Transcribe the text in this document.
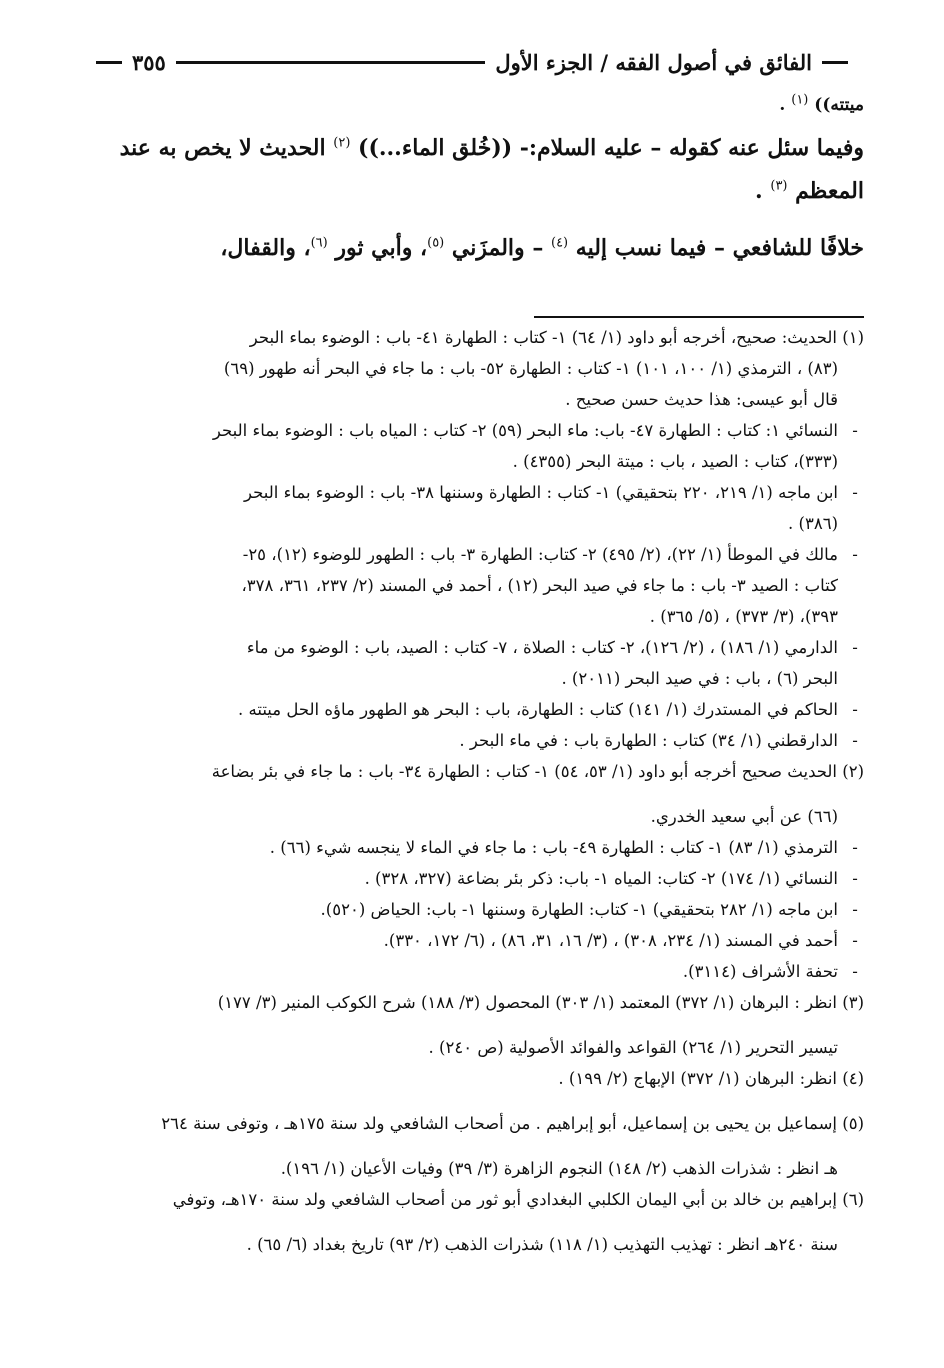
الفائق في أصول الفقه / الجزء الأول
٣٥٥

ميتته)) $^{(١)}$ .

وفيما سئل عنه كقوله – عليه السلام:- ((خُلق الماء...)) $^{(٢)}$ الحديث لا يخص به عند

المعظم $^{(٣)}$ .

خلافًا للشافعي – فيما نسب إليه $^{(٤)}$ – والمزَني $^{(٥)}$، وأبي ثور $^{(٦)}$، والقفال،

(١) الحديث: صحيح، أخرجه أبو داود (١/ ٦٤) ١- كتاب : الطهارة ٤١- باب : الوضوء بماء البحر

(٨٣) ، الترمذي (١/ ١٠٠، ١٠١) ١- كتاب : الطهارة ٥٢- باب : ما جاء في البحر أنه طهور (٦٩)

قال أبو عيسى: هذا حديث حسن صحيح .

-

النسائي ١: كتاب : الطهارة ٤٧- باب: ماء البحر (٥٩) ٢- كتاب : المياه باب : الوضوء بماء البحر

(٣٣٣)، كتاب : الصيد ، باب : ميتة البحر (٤٣٥٥) .

-

ابن ماجه (١/ ٢١٩، ٢٢٠ بتحقيقي) ١- كتاب : الطهارة وسننها ٣٨- باب : الوضوء بماء البحر

(٣٨٦) .

-

مالك في الموطأ (١/ ٢٢)، (٢/ ٤٩٥) ٢- كتاب: الطهارة ٣- باب : الطهور للوضوء (١٢)، ٢٥-

كتاب : الصيد ٣- باب : ما جاء في صيد البحر (١٢) ، أحمد في المسند (٢/ ٢٣٧، ٣٦١، ٣٧٨،

٣٩٣)، (٣/ ٣٧٣) ، (٥/ ٣٦٥) .

-

الدارمي (١/ ١٨٦) ، (٢/ ١٢٦)، ٢- كتاب : الصلاة ، ٧- كتاب : الصيد، باب : الوضوء من ماء

البحر (٦) ، باب : في صيد البحر (٢٠١١) .

-

الحاكم في المستدرك (١/ ١٤١) كتاب : الطهارة، باب : البحر هو الطهور ماؤه الحل ميتته .

-

الدارقطني (١/ ٣٤) كتاب : الطهارة باب : في ماء البحر .

(٢) الحديث صحيح أخرجه أبو داود (١/ ٥٣، ٥٤) ١- كتاب : الطهارة ٣٤- باب : ما جاء في بئر بضاعة

(٦٦) عن أبي سعيد الخدري.

-

الترمذي (١/ ٨٣) ١- كتاب : الطهارة ٤٩- باب : ما جاء في الماء لا ينجسه شيء (٦٦) .

-

النسائي (١/ ١٧٤) ٢- كتاب: المياه ١- باب: ذكر بئر بضاعة (٣٢٧، ٣٢٨) .

-

ابن ماجه (١/ ٢٨٢ بتحقيقي) ١- كتاب: الطهارة وسننها ١- باب: الحياض (٥٢٠).

-

أحمد في المسند (١/ ٢٣٤، ٣٠٨) ، (٣/ ١٦، ٣١، ٨٦) ، (٦/ ١٧٢، ٣٣٠).

-

تحفة الأشراف (٣١١٤).

(٣) انظر : البرهان (١/ ٣٧٢) المعتمد (١/ ٣٠٣) المحصول (٣/ ١٨٨) شرح الكوكب المنير (٣/ ١٧٧)

تيسير التحرير (١/ ٢٦٤) القواعد والفوائد الأصولية (ص ٢٤٠) .

(٤) انظر: البرهان (١/ ٣٧٢) الإبهاج (٢/ ١٩٩) .

(٥) إسماعيل بن يحيى بن إسماعيل، أبو إبراهيم . من أصحاب الشافعي ولد سنة ١٧٥هـ ، وتوفى سنة ٢٦٤

هـ انظر : شذرات الذهب (٢/ ١٤٨) النجوم الزاهرة (٣/ ٣٩) وفيات الأعيان (١/ ١٩٦).

(٦) إبراهيم بن خالد بن أبي اليمان الكلبي البغدادي أبو ثور من أصحاب الشافعي ولد سنة ١٧٠هـ، وتوفي

سنة ٢٤٠هـ انظر : تهذيب التهذيب (١/ ١١٨) شذرات الذهب (٢/ ٩٣) تاريخ بغداد (٦/ ٦٥) .
